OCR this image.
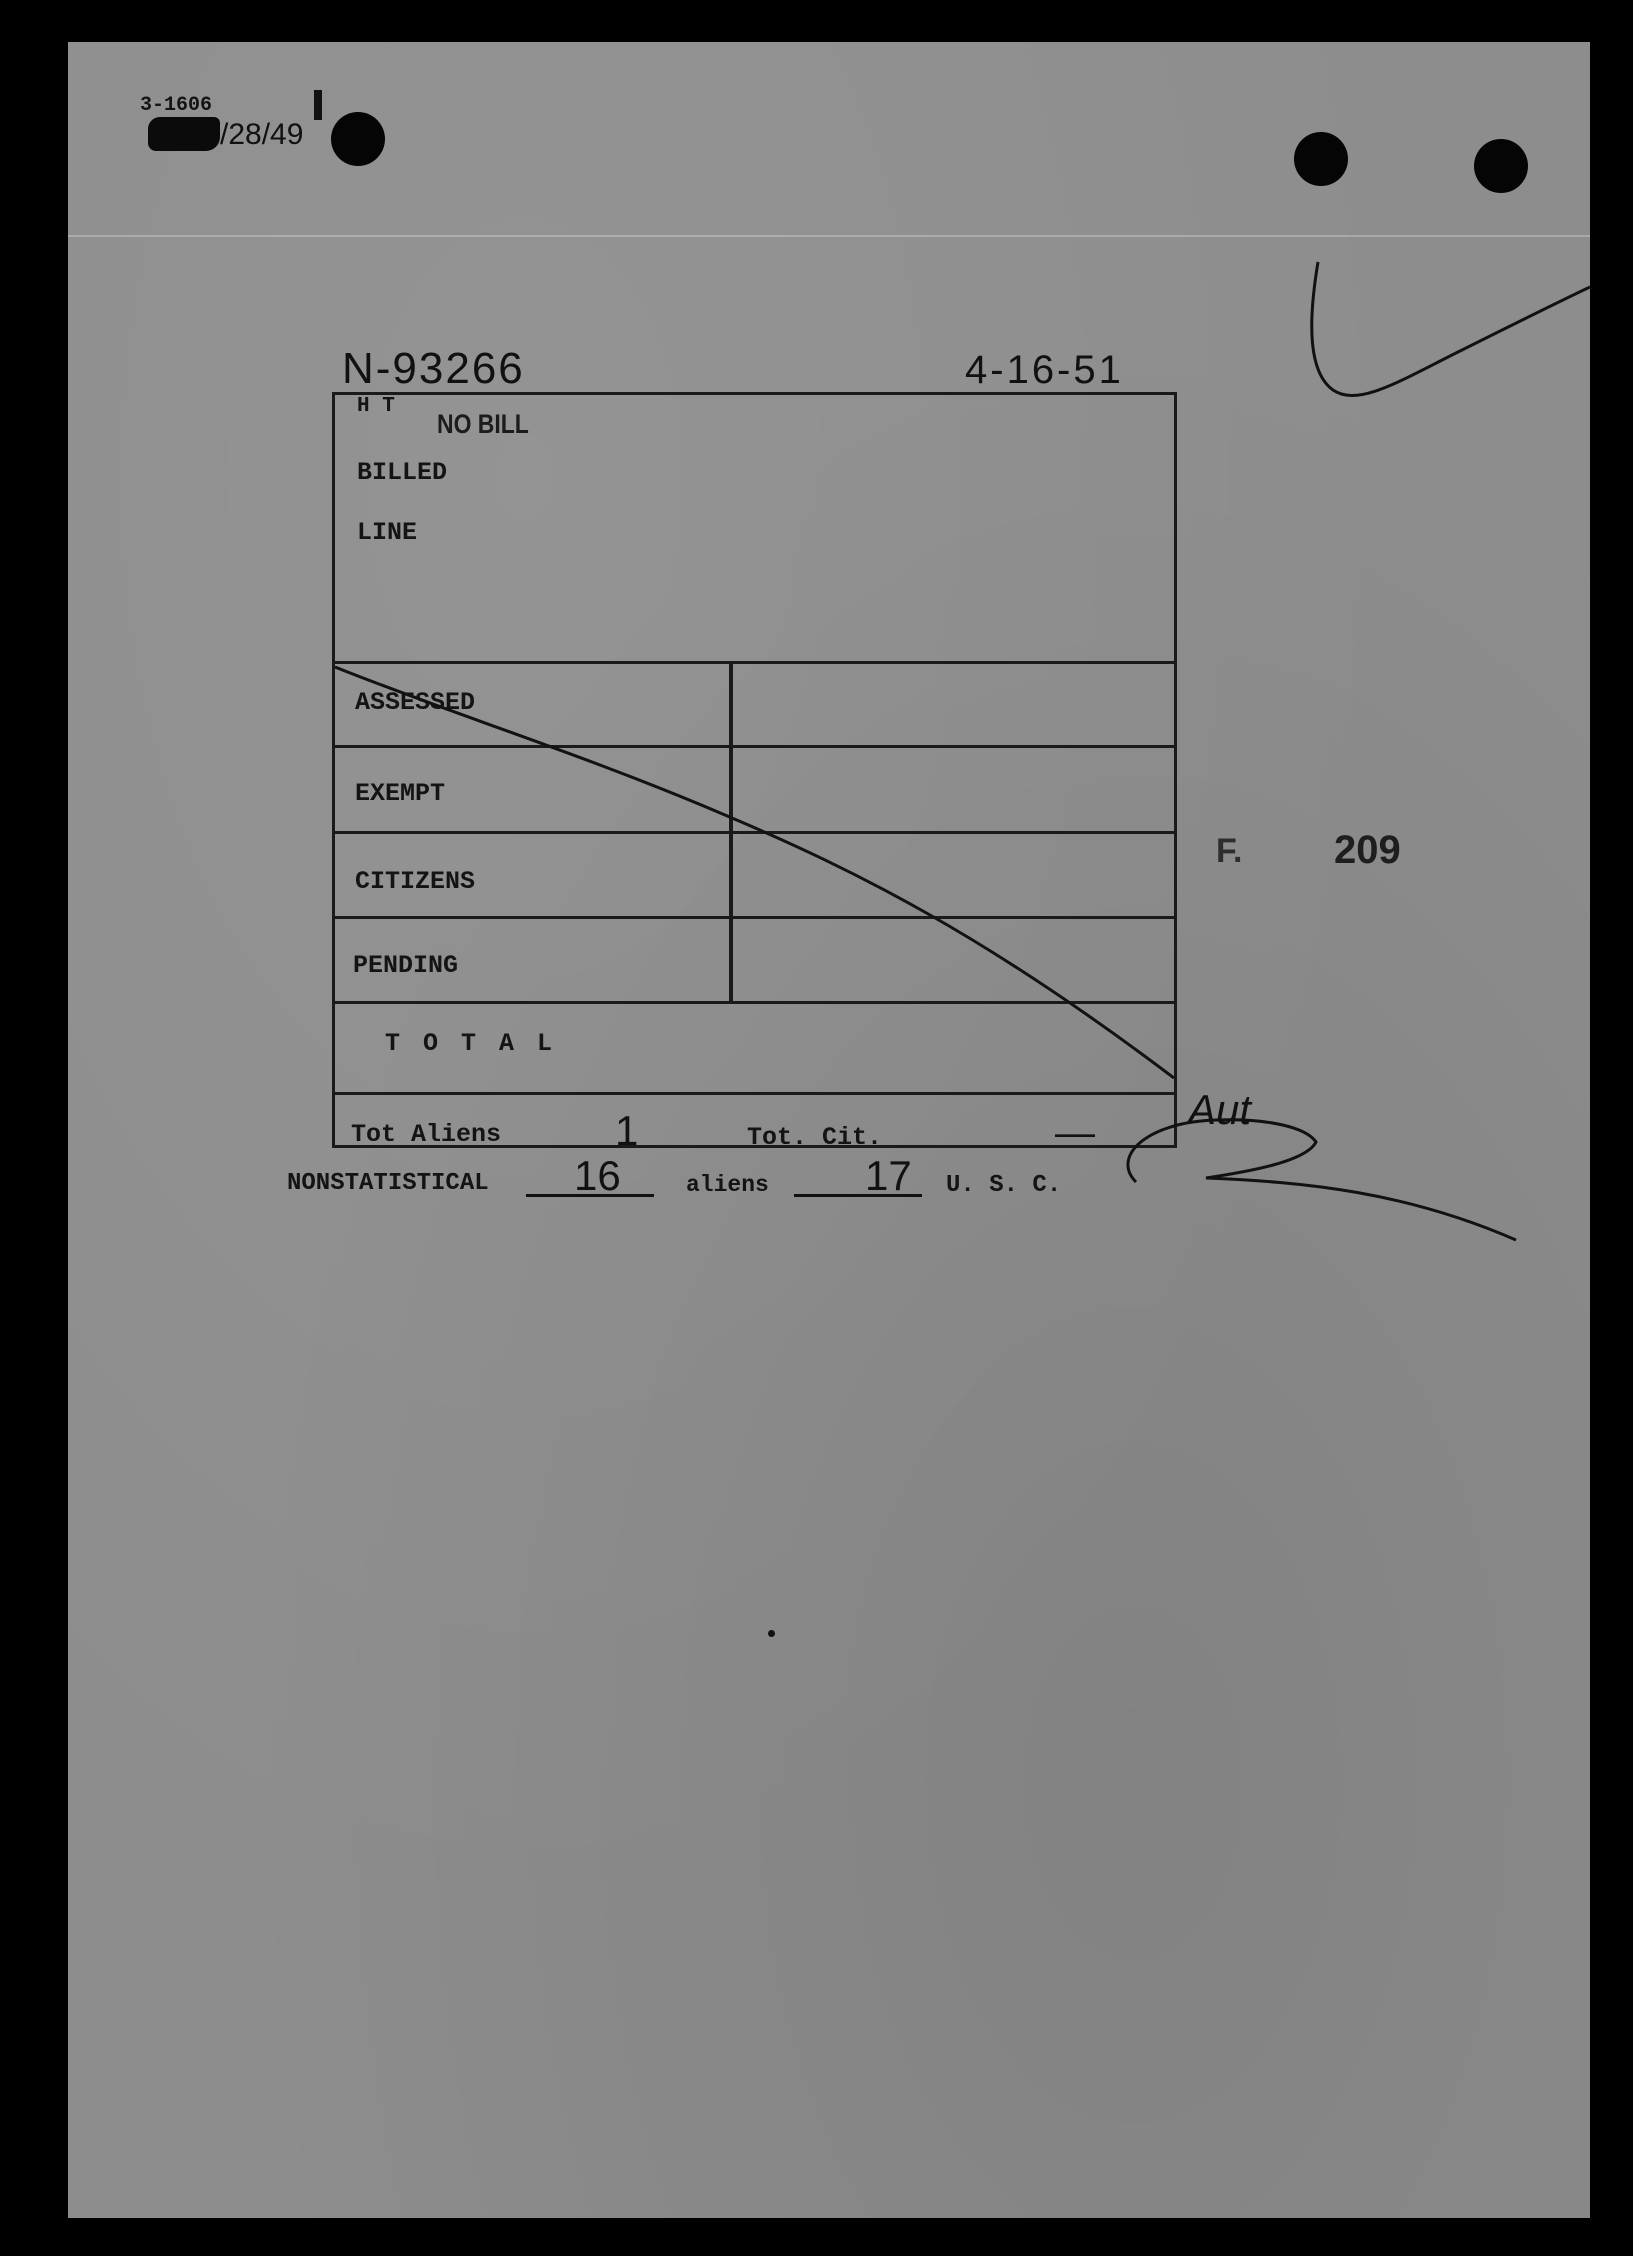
3-1606
/28/49
N-93266	4-16-51
H T
NO BILL
BILLED
LINE
ASSESSED
EXEMPT
CITIZENS
PENDING
T O T A L
Tot Aliens	1	Tot. Cit.	—
F. 209
Aut
NONSTATISTICAL 16	aliens 17 U. S. C.
